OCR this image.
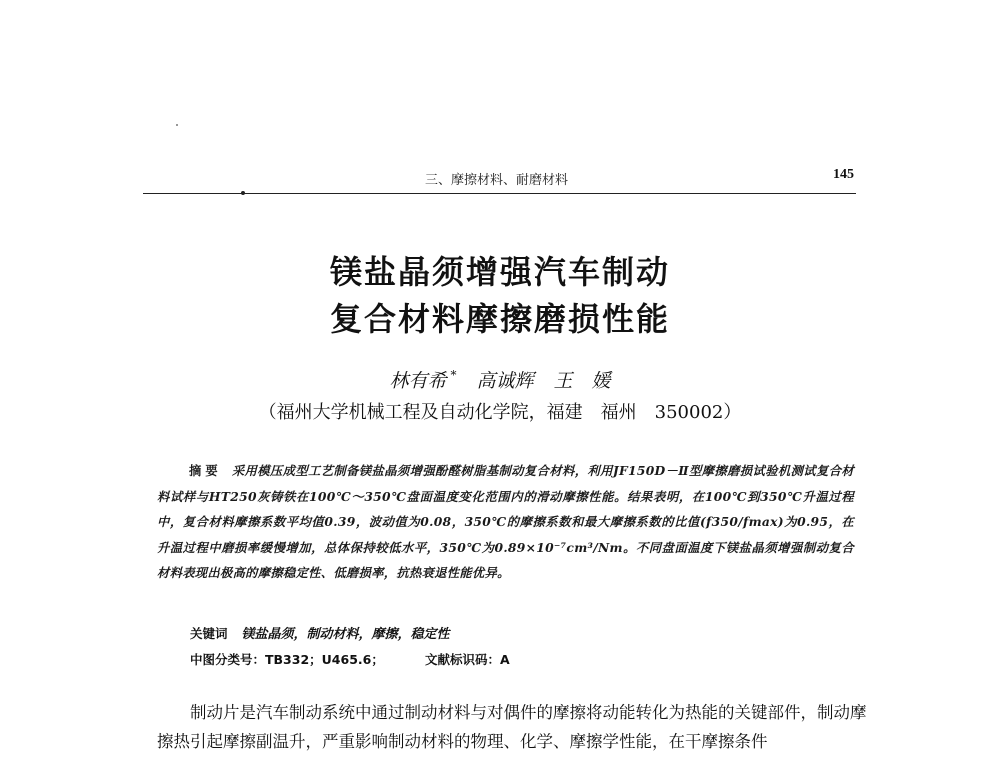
三、摩擦材料、耐磨材料	145
镁盐晶须增强汽车制动
复合材料摩擦磨损性能
林有希 * 高诚辉 王　媛
（福州大学机械工程及自动化学院，福建　福州　350002）
摘要 采用模压成型工艺制备镁盐晶须增强酚醛树脂基制动复合材料，利用JF150D－Ⅱ型摩擦磨损试验机测试复合材料试样与HT250灰铸铁在100℃～350℃盘面温度变化范围内的滑动摩擦性能。结果表明，在100℃到350℃升温过程中，复合材料摩擦系数平均值0.39，波动值为0.08，350℃的摩擦系数和最大摩擦系数的比值(f350/fmax)为0.95，在升温过程中磨损率缓慢增加，总体保持较低水平，350℃为0.89×10⁻⁷cm³/Nm。不同盘面温度下镁盐晶须增强制动复合材料表现出极高的摩擦稳定性、低磨损率，抗热衰退性能优异。
关键词 镁盐晶须，制动材料，摩擦，稳定性
中图分类号：TB332；U465.6；	文献标识码：A
制动片是汽车制动系统中通过制动材料与对偶件的摩擦将动能转化为热能的关键部件，制动摩擦热引起摩擦副温升，严重影响制动材料的物理、化学、摩擦学性能，在干摩擦条件
